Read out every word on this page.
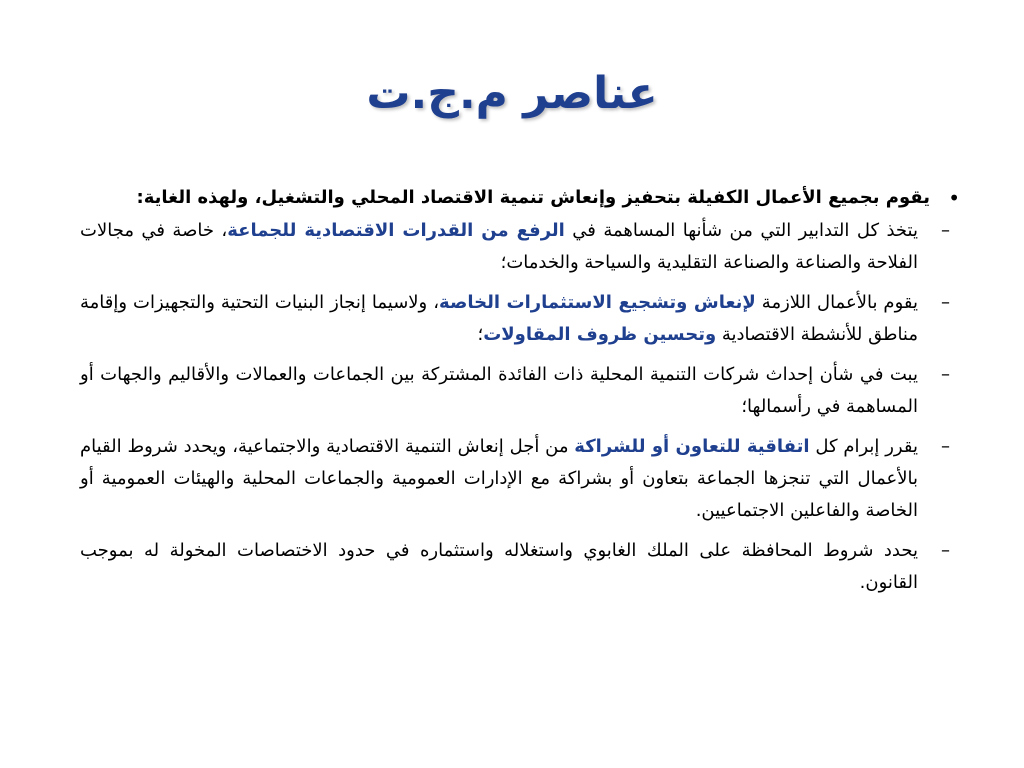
عناصر م.ج.ت
•
يقوم بجميع الأعمال الكفيلة بتحفيز وإنعاش تنمية الاقتصاد المحلي والتشغيل، ولهذه الغاية:
–
يتخذ كل التدابير التي من شأنها المساهمة في الرفع من القدرات الاقتصادية للجماعة، خاصة في مجالات الفلاحة والصناعة والصناعة التقليدية والسياحة والخدمات؛
–
يقوم بالأعمال اللازمة لإنعاش وتشجيع الاستثمارات الخاصة، ولاسيما إنجاز البنيات التحتية والتجهيزات وإقامة مناطق للأنشطة الاقتصادية وتحسين ظروف المقاولات؛
–
يبت في شأن إحداث شركات التنمية المحلية ذات الفائدة المشتركة بين الجماعات والعمالات والأقاليم والجهات أو المساهمة في رأسمالها؛
–
يقرر إبرام كل اتفاقية للتعاون أو للشراكة من أجل إنعاش التنمية الاقتصادية والاجتماعية، ويحدد شروط القيام بالأعمال التي تنجزها الجماعة بتعاون أو بشراكة مع الإدارات العمومية والجماعات المحلية والهيئات العمومية أو الخاصة والفاعلين الاجتماعيين.
–
يحدد شروط المحافظة على الملك الغابوي واستغلاله واستثماره في حدود الاختصاصات المخولة له بموجب القانون.
